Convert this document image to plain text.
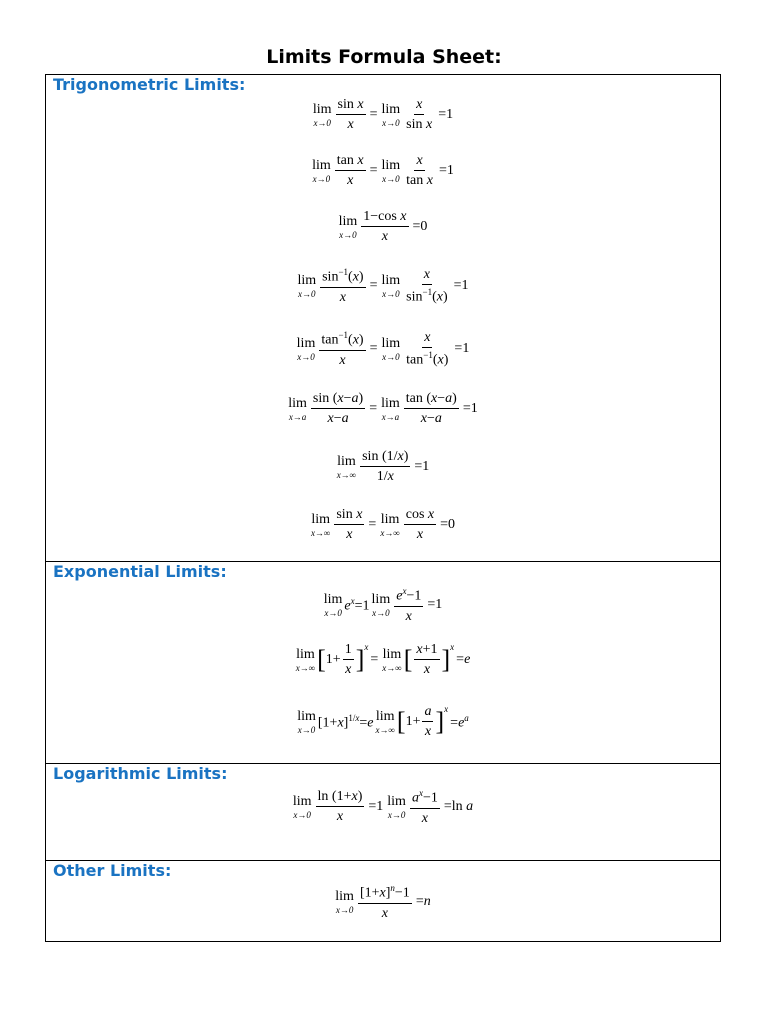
Limits Formula Sheet:
Trigonometric Limits:
lim
$x\to 0 \frac{\text{sin x}}{x} = \lim$
$x\to 0 \frac{x}{\text{sin x}} =1$
lim
$x\to 0 \frac{\text{tan x}}{x} = \lim$
$x\to 0 \frac{x}{\text{tan x}} =1$
lim
$x\to 0 \frac{\text{1−cos x}}{x} =0$
lim
$x\to 0 \frac{\sin^{-1}(x)}{x} = \lim$
$x\to 0 \frac{x}{\sin^{-1}(x)} =1$
lim
$x\to 0 \frac{\tan^{-1}(x)}{x} = \lim$
$x\to 0 \frac{x}{\tan^{-1}(x)} =1$
lim
$x\to a \frac{\sin (x-a)}{x-a} = \lim$
$x\to a \frac{\tan (x-a)}{x-a} =1$
lim
$x\to\infty \frac{\sin (1/x)}{1/x} =1$
lim
$x\to\infty \frac{\text{sin x}}{x} = \lim$
$x\to\infty \frac{\text{cos x}}{x} =0$
Exponential Limits:
lim
x→0 $e^x=1$ lim
$x\to 0 \frac{e^x-1}{x} =1$
lim
x→∞ [ $1+ \frac{1}{x}$ ] $^x$
= lim
x→∞ [ $\frac{x+1}{x}$ ] $^x$
=e
lim
x→0 $[1+x]^{1/x}=e$ lim
x→∞ [ $1+ \frac{a}{x}$ ] $^x$
$=e^a$
Logarithmic Limits:
lim
$x\to 0 \frac{\ln (1+x)}{x} =1$ lim
$x\to 0 \frac{a^x-1}{x} =\ln$ a
Other Limits:
lim
$x\to 0 \frac{[1+x]^n-1}{x} =n$
